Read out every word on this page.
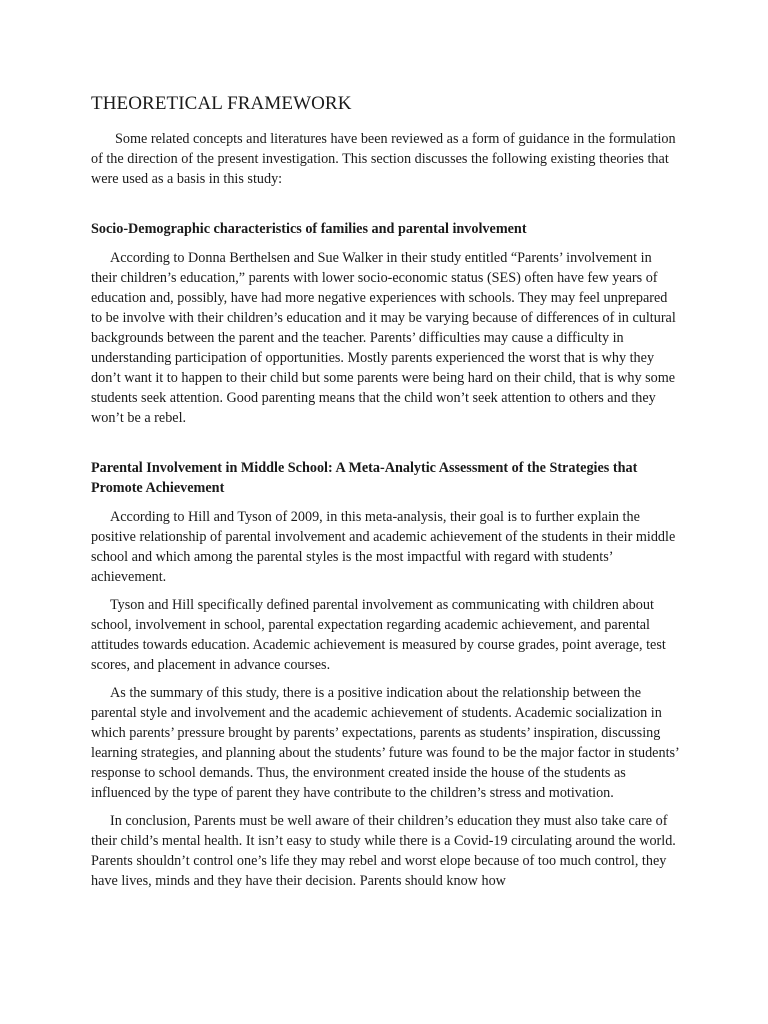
THEORETICAL FRAMEWORK

Some related concepts and literatures have been reviewed as a form of guidance in the formulation of the direction of the present investigation. This section discusses the following existing theories that were used as a basis in this study:

Socio-Demographic characteristics of families and parental involvement

According to Donna Berthelsen and Sue Walker in their study entitled “Parents’ involvement in their children’s education,” parents with lower socio-economic status (SES) often have few years of education and, possibly, have had more negative experiences with schools. They may feel unprepared to be involve with their children’s education and it may be varying because of differences of in cultural backgrounds between the parent and the teacher. Parents’ difficulties may cause a difficulty in understanding participation of opportunities. Mostly parents experienced the worst that is why they don’t want it to happen to their child but some parents were being hard on their child, that is why some students seek attention. Good parenting means that the child won’t seek attention to others and they won’t be a rebel.

Parental Involvement in Middle School: A Meta-Analytic Assessment of the Strategies that Promote Achievement

According to Hill and Tyson of 2009, in this meta-analysis, their goal is to further explain the positive relationship of parental involvement and academic achievement of the students in their middle school and which among the parental styles is the most impactful with regard with students’ achievement.

Tyson and Hill specifically defined parental involvement as communicating with children about school, involvement in school, parental expectation regarding academic achievement, and parental attitudes towards education. Academic achievement is measured by course grades, point average, test scores, and placement in advance courses.

As the summary of this study, there is a positive indication about the relationship between the parental style and involvement and the academic achievement of students. Academic socialization in which parents’ pressure brought by parents’ expectations, parents as students’ inspiration, discussing learning strategies, and planning about the students’ future was found to be the major factor in students’ response to school demands. Thus, the environment created inside the house of the students as influenced by the type of parent they have contribute to the children’s stress and motivation.

In conclusion, Parents must be well aware of their children’s education they must also take care of their child’s mental health. It isn’t easy to study while there is a Covid-19 circulating around the world. Parents shouldn’t control one’s life they may rebel and worst elope because of too much control, they have lives, minds and they have their decision. Parents should know how
